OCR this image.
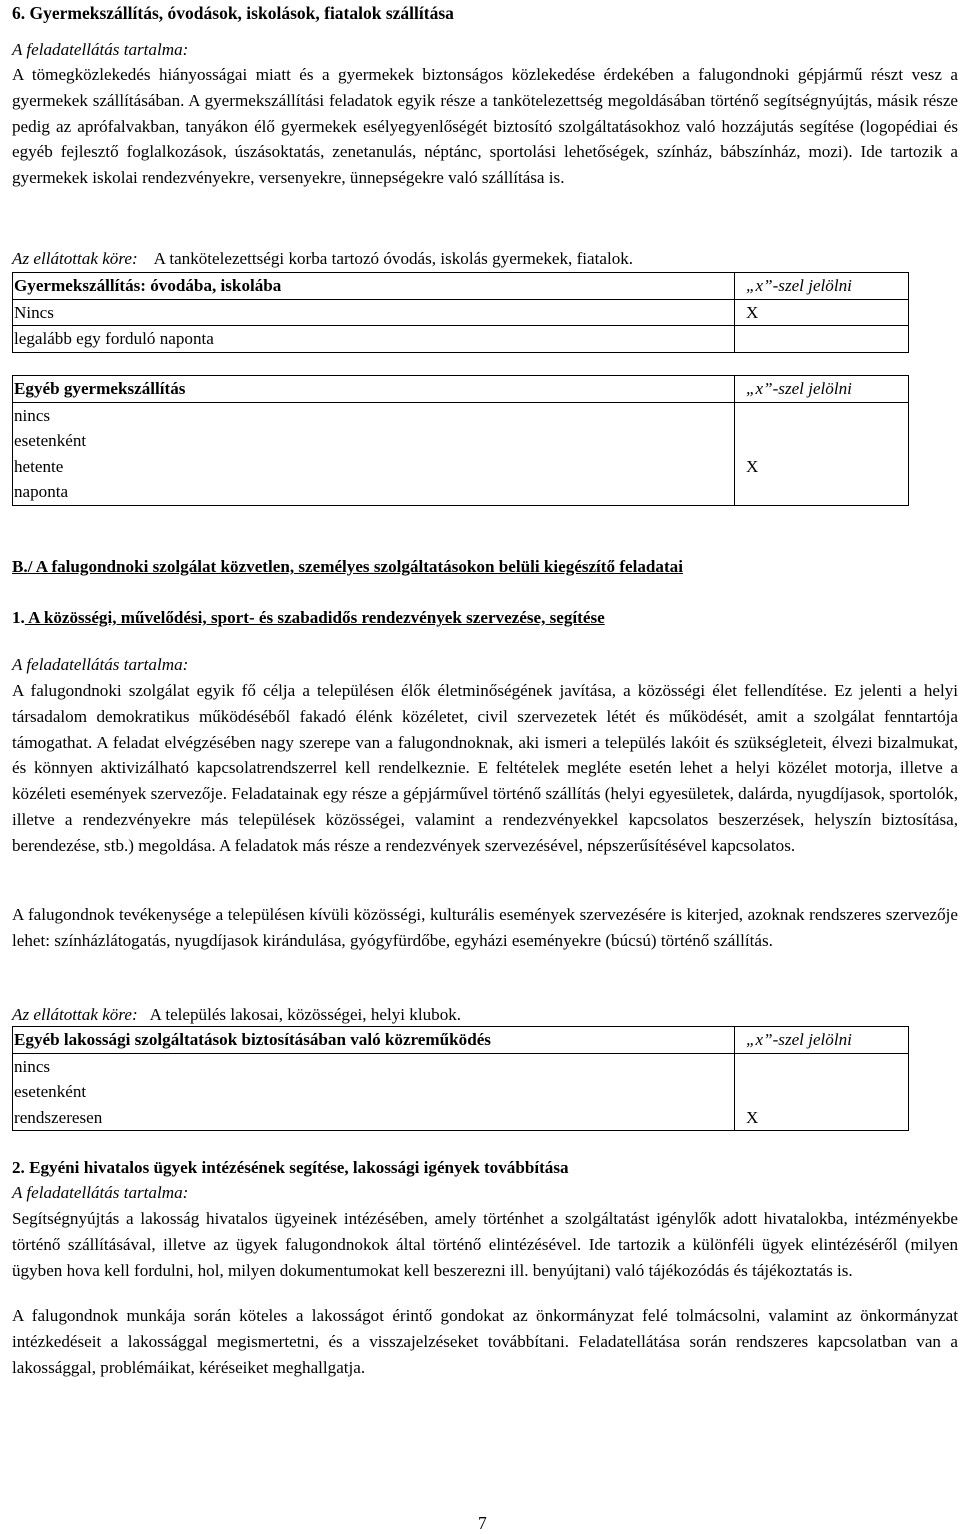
6. Gyermekszállítás, óvodások, iskolások, fiatalok szállítása
A feladatellátás tartalma:

A tömegközlekedés hiányosságai miatt és a gyermekek biztonságos közlekedése érdekében a falugondnoki gépjármű részt vesz a gyermekek szállításában. A gyermekszállítási feladatok egyik része a tankötelezettség megoldásában történő segítségnyújtás, másik része pedig az aprófalvakban, tanyákon élő gyermekek esélyegyenlőségét biztosító szolgáltatásokhoz való hozzájutás segítése (logopédiai és egyéb fejlesztő foglalkozások, úszásoktatás, zenetanulás, néptánc, sportolási lehetőségek, színház, bábszínház, mozi). Ide tartozik a gyermekek iskolai rendezvényekre, versenyekre, ünnepségekre való szállítása is.

Az ellátottak köre: A tankötelezettségi korba tartozó óvodás, iskolás gyermekek, fiatalok.
Gyermekszállítás: óvodába, iskolába	„x”-szel jelölni
Nincs	X
legalább egy forduló naponta	
Egyéb gyermekszállítás	„x”-szel jelölni
nincs	
esetenként	
hetente	X
naponta	
B./ A falugondnoki szolgálat közvetlen, személyes szolgáltatásokon belüli kiegészítő feladatai
1. A közösségi, művelődési, sport- és szabadidős rendezvények szervezése, segítése
A feladatellátás tartalma:

A falugondnoki szolgálat egyik fő célja a településen élők életminőségének javítása, a közösségi élet fellendítése. Ez jelenti a helyi társadalom demokratikus működéséből fakadó élénk közéletet, civil szervezetek létét és működését, amit a szolgálat fenntartója támogathat. A feladat elvégzésében nagy szerepe van a falugondnoknak, aki ismeri a település lakóit és szükségleteit, élvezi bizalmukat, és könnyen aktivizálható kapcsolatrendszerrel kell rendelkeznie. E feltételek megléte esetén lehet a helyi közélet motorja, illetve a közéleti események szervezője. Feladatainak egy része a gépjárművel történő szállítás (helyi egyesületek, dalárda, nyugdíjasok, sportolók, illetve a rendezvényekre más települések közösségei, valamint a rendezvényekkel kapcsolatos beszerzések, helyszín biztosítása, berendezése, stb.) megoldása. A feladatok más része a rendezvények szervezésével, népszerűsítésével kapcsolatos.

A falugondnok tevékenysége a településen kívüli közösségi, kulturális események szervezésére is kiterjed, azoknak rendszeres szervezője lehet: színházlátogatás, nyugdíjasok kirándulása, gyógyfürdőbe, egyházi eseményekre (búcsú) történő szállítás.

Az ellátottak köre: A település lakosai, közösségei, helyi klubok.
Egyéb lakossági szolgáltatások biztosításában való közreműködés	„x”-szel jelölni
nincs	
esetenként	
rendszeresen	X
2. Egyéni hivatalos ügyek intézésének segítése, lakossági igények továbbítása
A feladatellátás tartalma:

Segítségnyújtás a lakosság hivatalos ügyeinek intézésében, amely történhet a szolgáltatást igénylők adott hivatalokba, intézményekbe történő szállításával, illetve az ügyek falugondnokok által történő elintézésével. Ide tartozik a különféli ügyek elintézéséről (milyen ügyben hova kell fordulni, hol, milyen dokumentumokat kell beszerezni ill. benyújtani) való tájékozódás és tájékoztatás is.

A falugondnok munkája során köteles a lakosságot érintő gondokat az önkormányzat felé tolmácsolni, valamint az önkormányzat intézkedéseit a lakossággal megismertetni, és a visszajelzéseket továbbítani. Feladatellátása során rendszeres kapcsolatban van a lakossággal, problémáikat, kéréseiket meghallgatja.

7
